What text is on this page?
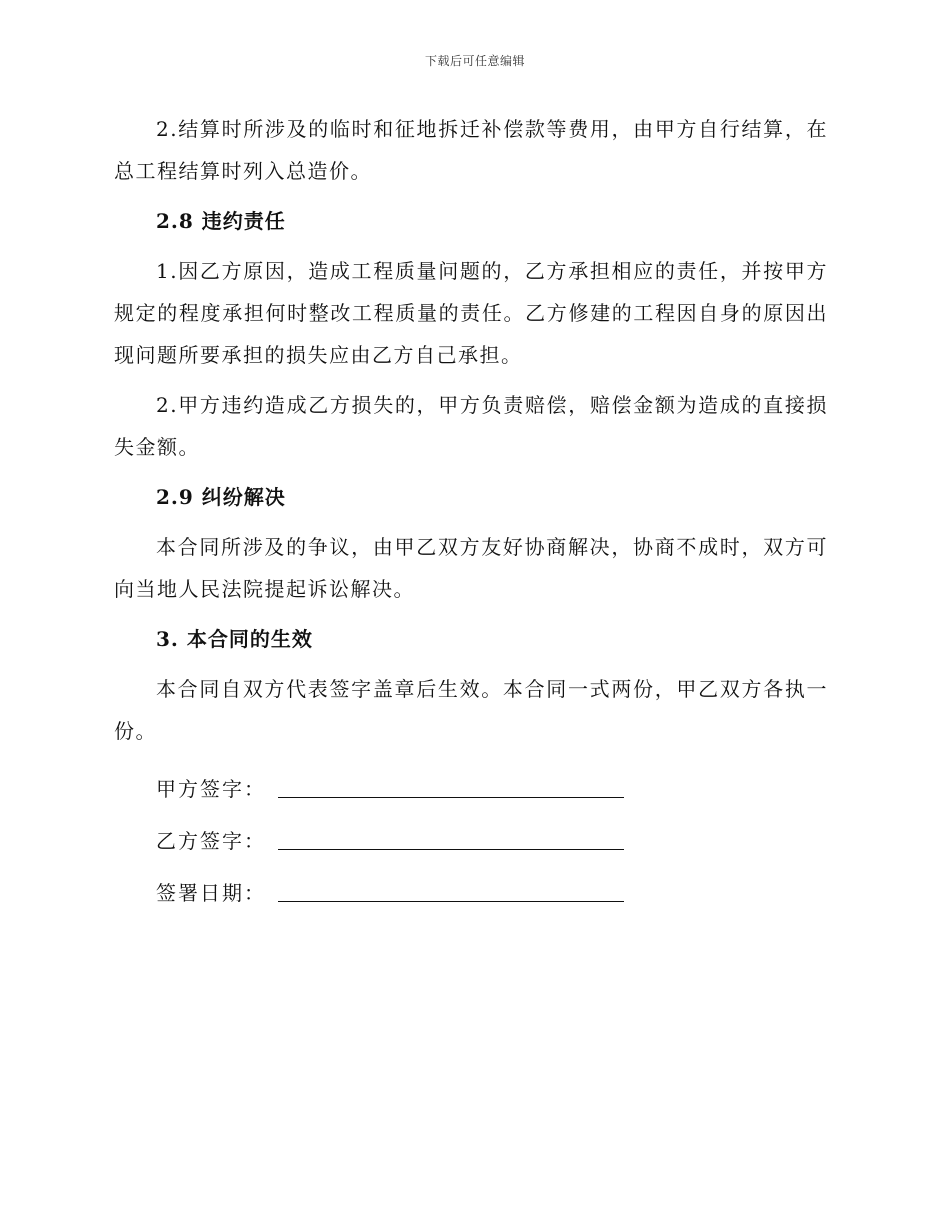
下载后可任意编辑

2.结算时所涉及的临时和征地拆迁补偿款等费用，由甲方自行结算，在总工程结算时列入总造价。

2.8 违约责任

1.因乙方原因，造成工程质量问题的，乙方承担相应的责任，并按甲方规定的程度承担何时整改工程质量的责任。乙方修建的工程因自身的原因出现问题所要承担的损失应由乙方自己承担。

2.甲方违约造成乙方损失的，甲方负责赔偿，赔偿金额为造成的直接损失金额。

2.9 纠纷解决

本合同所涉及的争议，由甲乙双方友好协商解决，协商不成时，双方可向当地人民法院提起诉讼解决。

3. 本合同的生效

本合同自双方代表签字盖章后生效。本合同一式两份，甲乙双方各执一份。

甲方签字：
乙方签字：
签署日期：
